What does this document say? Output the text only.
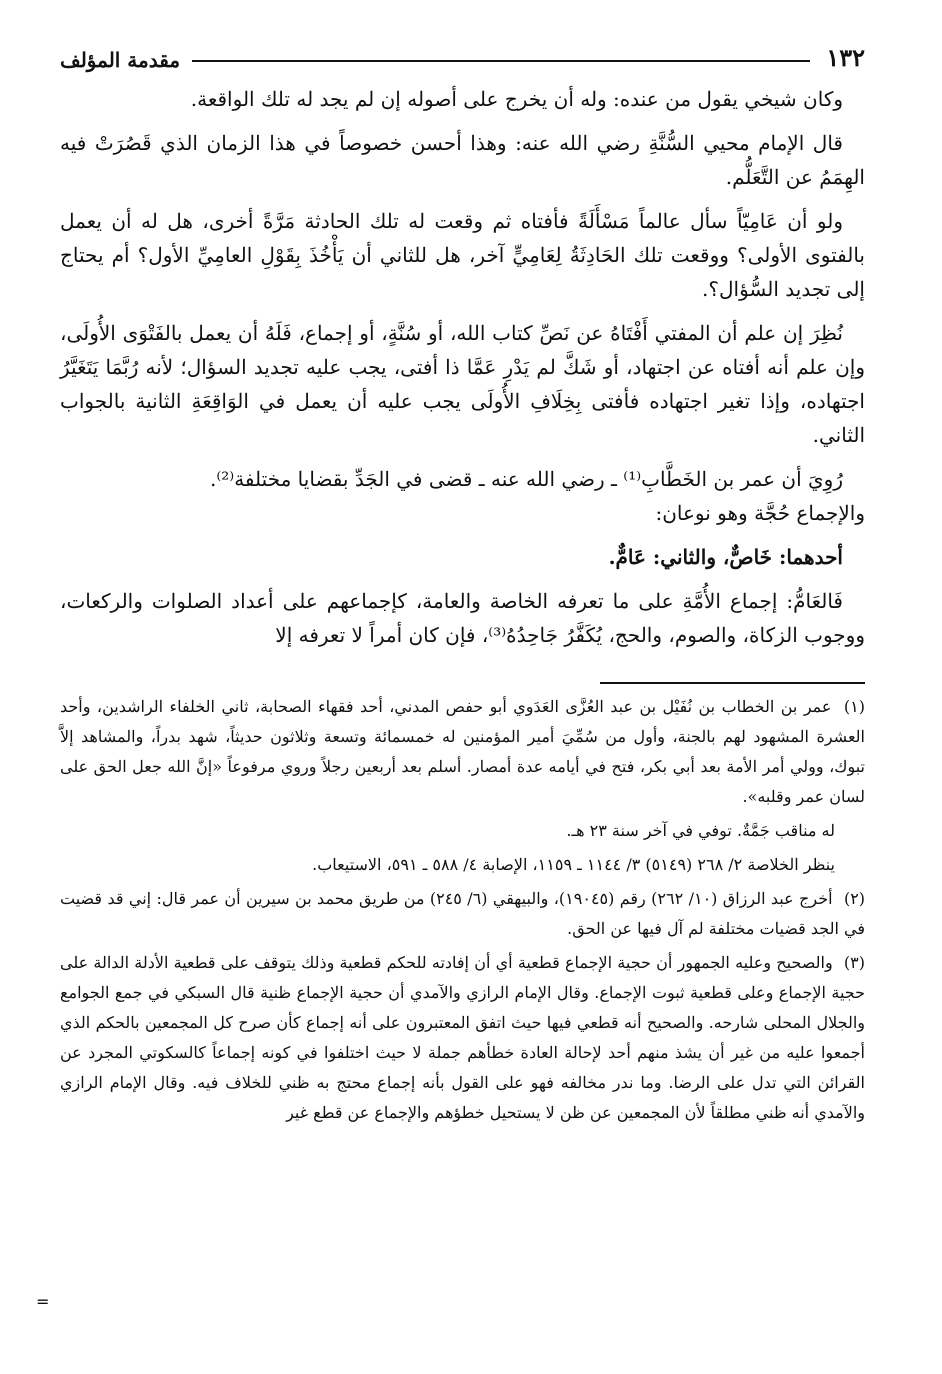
١٣٢
مقدمة المؤلف

وكان شيخي يقول من عنده: وله أن يخرج على أصوله إن لم يجد له تلك الواقعة.

قال الإمام محيي السُّنَّةِ رضي الله عنه: وهذا أحسن خصوصاً في هذا الزمان الذي قَصُرَتْ فيه الهِمَمُ عن التَّعَلُّم.

ولو أن عَامِيّاً سأل عالماً مَسْأَلَةً فأفتاه ثم وقعت له تلك الحادثة مَرَّةً أخرى، هل له أن يعمل بالفتوى الأولى؟ ووقعت تلك الحَادِثَةُ لِعَامِيٍّ آخر، هل للثاني أن يَأْخُذَ بِقَوْلِ العامِيِّ الأول؟ أم يحتاج إلى تجديد السُّؤال؟.

نُظِرَ إن علم أن المفتي أَفْتَاهُ عن نَصِّ كتاب الله، أو سُنَّةٍ، أو إجماع، فَلَهُ أن يعمل بالفَتْوَى الأُولَى، وإن علم أنه أفتاه عن اجتهاد، أو شَكَّ لم يَدْرِ عَمَّا ذا أفتى، يجب عليه تجديد السؤال؛ لأنه رُبَّمَا يَتَغَيَّرُ اجتهاده، وإذا تغير اجتهاده فأفتى بِخِلَافِ الأُولَى يجب عليه أن يعمل في الوَاقِعَةِ الثانية بالجواب الثاني.

رُوِيَ أن عمر بن الخَطَّابِ⁽¹⁾ ـ رضي الله عنه ـ قضى في الجَدِّ بقضايا مختلفة⁽²⁾.

والإجماع حُجَّة وهو نوعان:

أحدهما: خَاصٌّ، والثاني: عَامٌّ.

فَالعَامُّ: إجماع الأُمَّةِ على ما تعرفه الخاصة والعامة، كإجماعهم على أعداد الصلوات والركعات، ووجوب الزكاة، والصوم، والحج، يُكَفَّرُ جَاحِدُهُ⁽³⁾، فإن كان أمراً لا تعرفه إلا

(١) عمر بن الخطاب بن نُفَيْل بن عبد العُزَّى العَدَوي أبو حفص المدني، أحد فقهاء الصحابة، ثاني الخلفاء الراشدين، وأحد العشرة المشهود لهم بالجنة، وأول من سُمِّيَ أمير المؤمنين له خمسمائة وتسعة وثلاثون حديثاً، شهد بدراً، والمشاهد إلاَّ تبوك، وولي أمر الأمة بعد أبي بكر، فتح في أيامه عدة أمصار. أسلم بعد أربعين رجلاً وروي مرفوعاً «إنَّ الله جعل الحق على لسان عمر وقلبه».

له مناقب جَمَّةٌ. توفي في آخر سنة ٢٣ هـ.

ينظر الخلاصة ٢/ ٢٦٨ (٥١٤٩) ٣/ ١١٤٤ ـ ١١٥٩، الإصابة ٤/ ٥٨٨ ـ ٥٩١، الاستيعاب.

(٢) أخرج عبد الرزاق (١٠/ ٢٦٢) رقم (١٩٠٤٥)، والبيهقي (٦/ ٢٤٥) من طريق محمد بن سيرين أن عمر قال: إني قد قضيت في الجد قضيات مختلفة لم آل فيها عن الحق.

(٣) والصحيح وعليه الجمهور أن حجية الإجماع قطعية أي أن إفادته للحكم قطعية وذلك يتوقف على قطعية الأدلة الدالة على حجية الإجماع وعلى قطعية ثبوت الإجماع. وقال الإمام الرازي والآمدي أن حجية الإجماع ظنية قال السبكي في جمع الجوامع والجلال المحلى شارحه. والصحيح أنه قطعي فيها حيث اتفق المعتبرون على أنه إجماع كأن صرح كل المجمعين بالحكم الذي أجمعوا عليه من غير أن يشذ منهم أحد لإحالة العادة خطأهم جملة لا حيث اختلفوا في كونه إجماعاً كالسكوتي المجرد عن القرائن التي تدل على الرضا. وما ندر مخالفه فهو على القول بأنه إجماع محتج به ظني للخلاف فيه. وقال الإمام الرازي والآمدي أنه ظني مطلقاً لأن المجمعين عن ظن لا يستحيل خطؤهم والإجماع عن قطع غير

=
